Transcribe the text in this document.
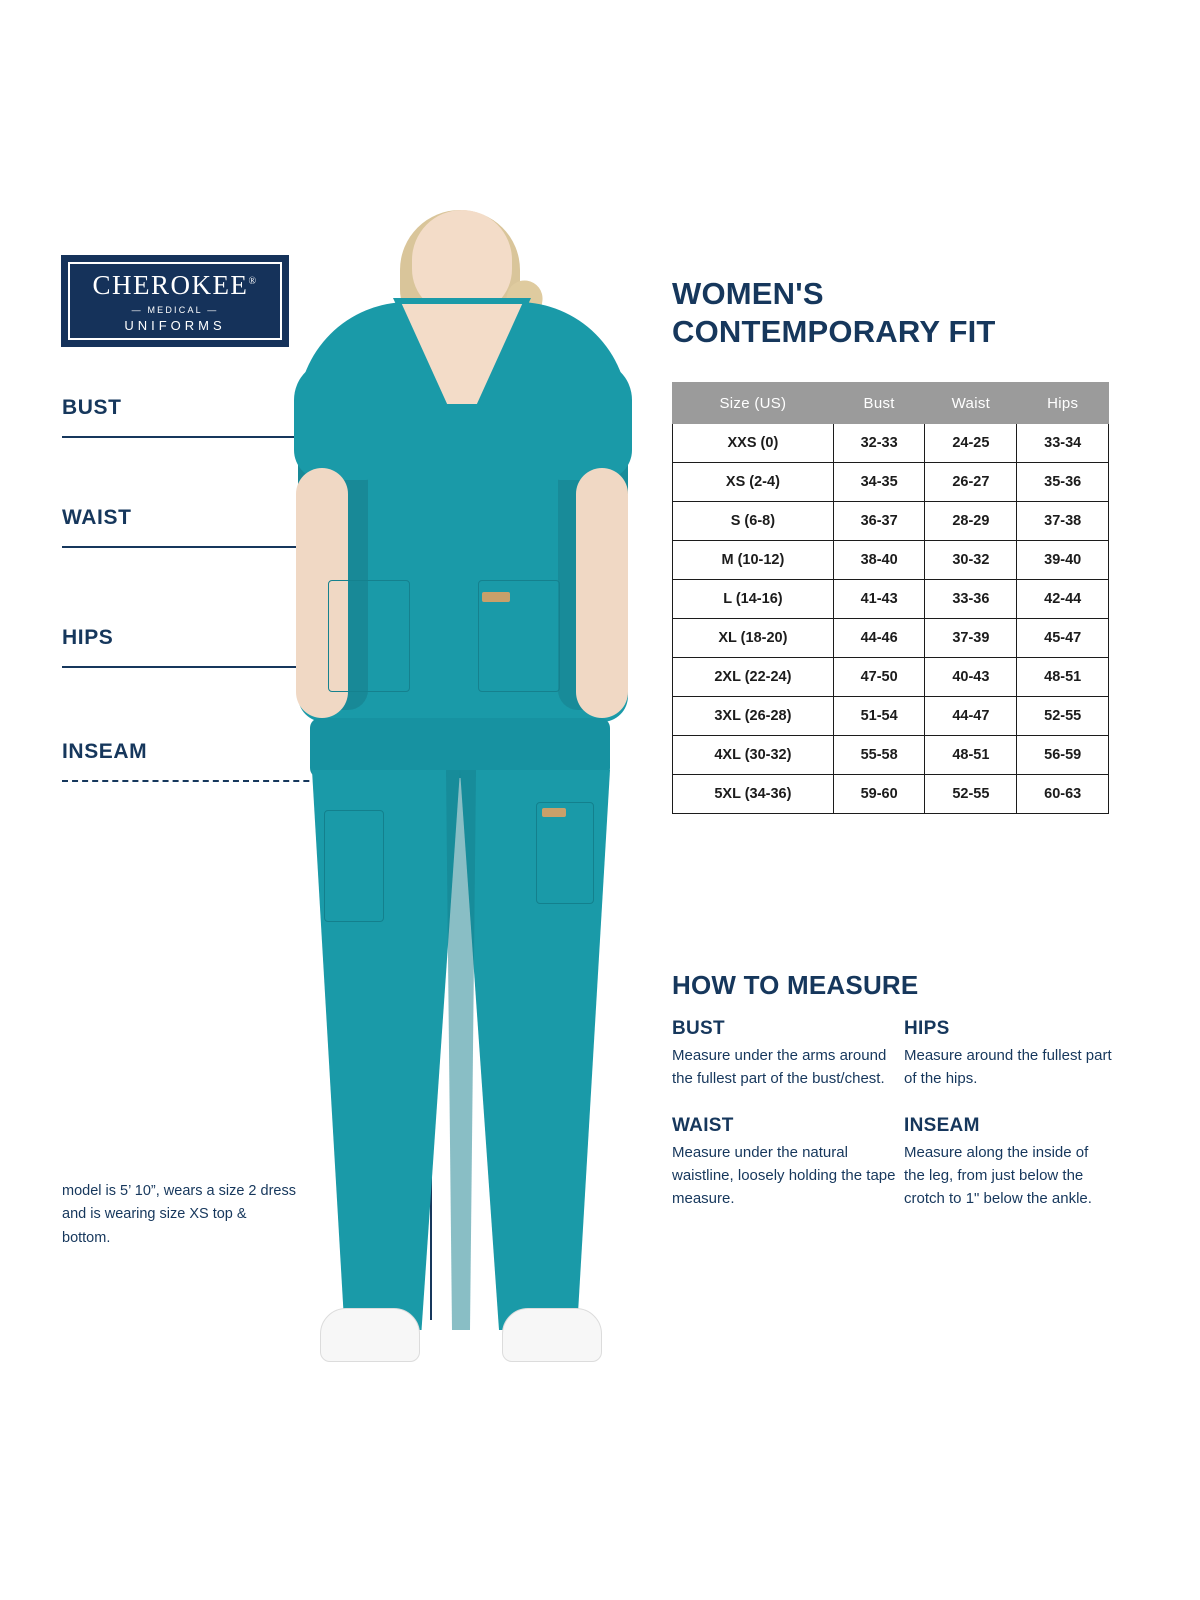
CHEROKEE®
— MEDICAL —
UNIFORMS
BUST
WAIST
HIPS
INSEAM
WOMEN'S
CONTEMPORARY FIT
Size (US)	Bust	Waist	Hips
XXS (0)	32-33	24-25	33-34
XS (2-4)	34-35	26-27	35-36
S (6-8)	36-37	28-29	37-38
M (10-12)	38-40	30-32	39-40
L (14-16)	41-43	33-36	42-44
XL (18-20)	44-46	37-39	45-47
2XL (22-24)	47-50	40-43	48-51
3XL (26-28)	51-54	44-47	52-55
4XL (30-32)	55-58	48-51	56-59
5XL (34-36)	59-60	52-55	60-63
HOW TO MEASURE
BUST

Measure under the arms around the fullest part of the bust/chest.

HIPS

Measure around the fullest part of the hips.

WAIST

Measure under the natural waistline, loosely holding the tape measure.

INSEAM

Measure along the inside of the leg, from just below the crotch to 1" below the ankle.

model is 5’ 10”, wears a size 2 dress and is wearing size XS top & bottom.
